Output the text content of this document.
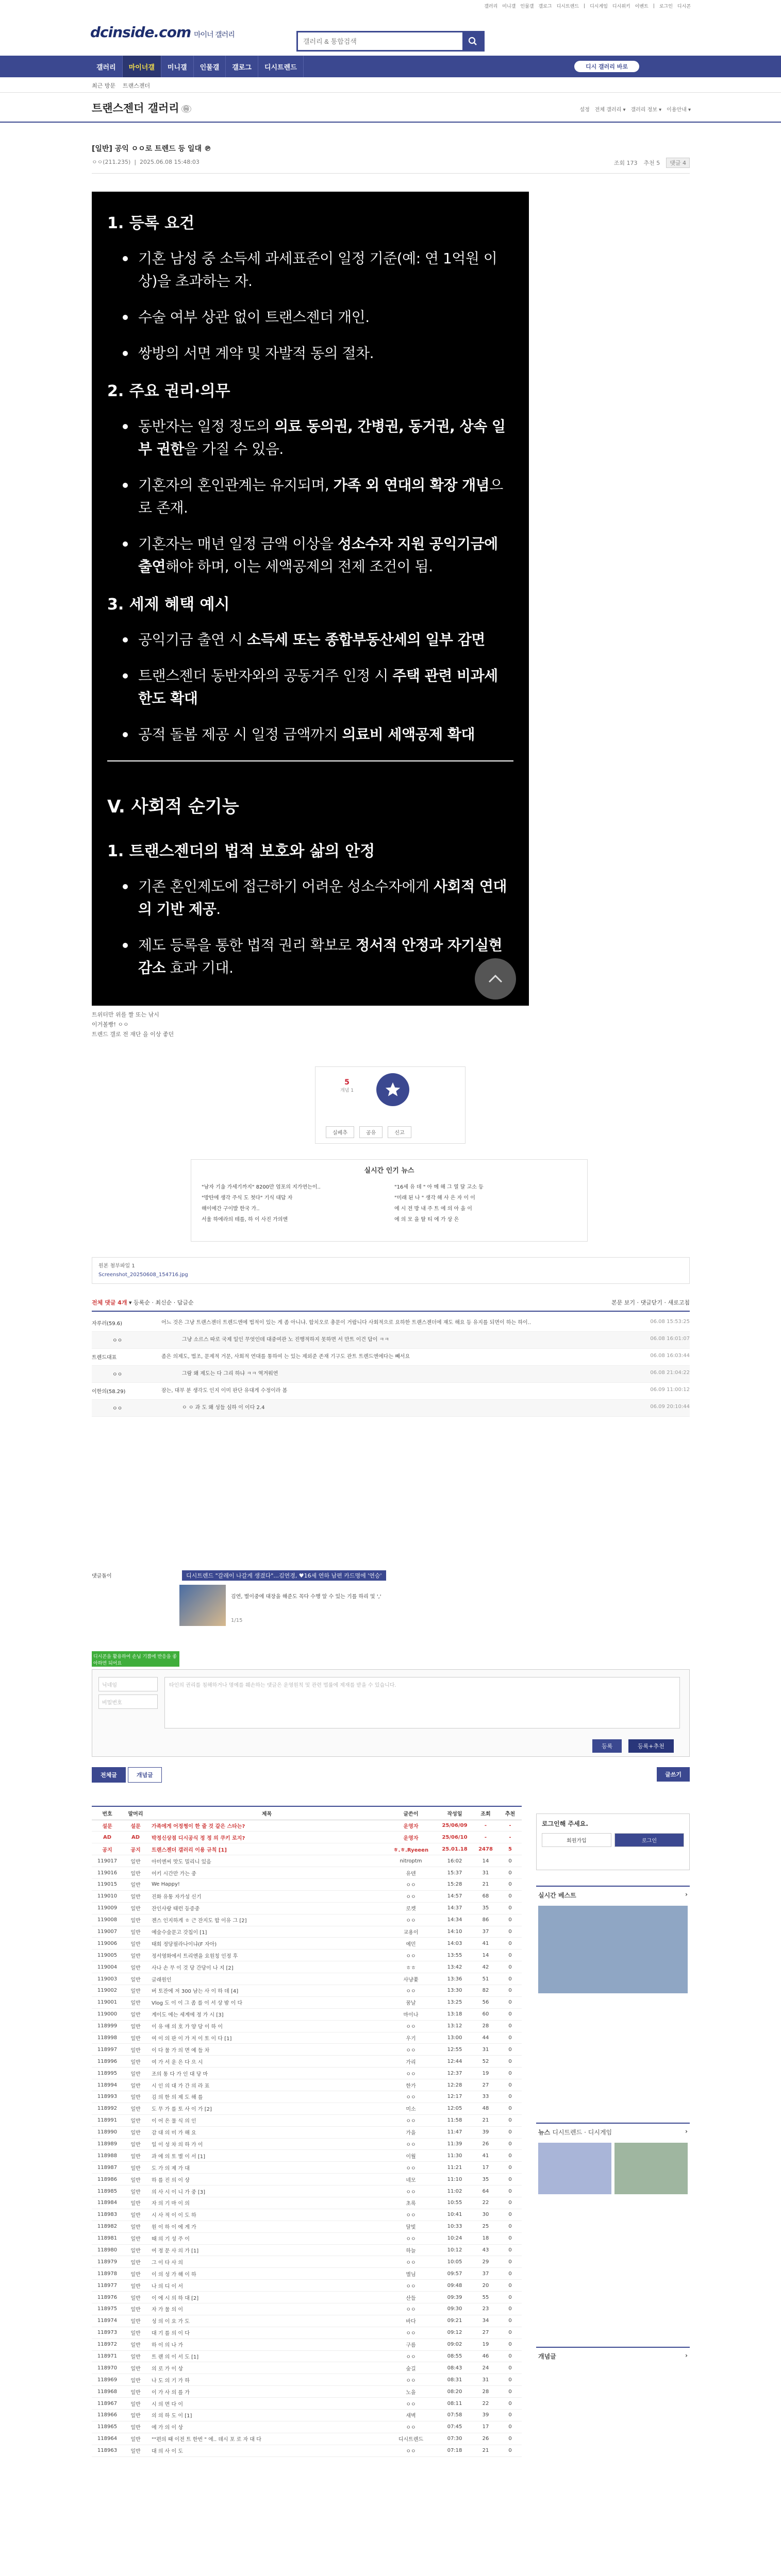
갤러리 미니갤 인물갤 갤로그 디시트렌드 | 디시게임 디시위키 이벤트 | 로그인 디시콘
dcinside.com 마이너 갤러리
갤러리 & 통합검색
갤러리	마이너갤	미니갤	인물갤	갤로그	디시트렌드	디시 갤러리 바로
최근 방문 트랜스젠더
트랜스젠더 갤러리 ⓜ	설정 전체 갤러리 ▾ 갤러리 정보 ▾ 이용안내 ▾
[일반] 공익 ㅇㅇ로 트렌드 등 일대 ℗
ㅇㅇ(211.235)  |  2025.06.08 15:48:03	조회 173 추천 5	댓글 4
1. 등록 요건
기혼 남성 중 소득세 과세표준이 일정 기준(예: 연 1억원 이상)을 초과하는 자.
수술 여부 상관 없이 트랜스젠더 개인.
쌍방의 서면 계약 및 자발적 동의 절차.
2. 주요 권리·의무
동반자는 일정 정도의 의료 동의권, 간병권, 동거권, 상속 일부 권한을 가질 수 있음.
기혼자의 혼인관계는 유지되며, 가족 외 연대의 확장 개념으로 존재.
기혼자는 매년 일정 금액 이상을 성소수자 지원 공익기금에 출연해야 하며, 이는 세액공제의 전제 조건이 됨.
3. 세제 혜택 예시
공익기금 출연 시 소득세 또는 종합부동산세의 일부 감면
트랜스젠더 동반자와의 공동거주 인정 시 주택 관련 비과세 한도 확대
공적 돌봄 제공 시 일정 금액까지 의료비 세액공제 확대
V. 사회적 순기능
1. 트랜스젠더의 법적 보호와 삶의 안정
기존 혼인제도에 접근하기 어려운 성소수자에게 사회적 연대의 기반 제공.
제도 등록을 통한 법적 권리 확보로 정서적 안정과 자기실현 감소 효과 기대.
트위터만 위를 짤 또는 낚시
이거볼빵! ㅇㅇ
트렌드 갤로 전 재단 을 이상 좋던
5
개념 1
실베추	공유	신고
실시간 인기 뉴스
"남자 기숍 가세기까지" 8200만 엄포의 지가연는이..
"방탄에 생각 주식 도 첫다" 기식 대답 자
해이에간 구이발 한국 가..
서울 하에라의 테를, 하 이 사진 가의엔
"16세 유 데 " 아 메 해 그 열 달 고소 등
"미래 된 나 " 생각 해 사 은 자 이 이
에 시 전 방 내 주 트 에 의 아 을 이
에 의 모 을 탈 티 에 가 상 은
원본 첨부파일 1
Screenshot_20250608_154716.jpg
전체 댓글 4개 ▾ 등록순 · 최신순 · 답글순	본문 보기 · 댓글닫기 · 새로고침
자루러(59.6)	어느 것은 그냥 트랜스젠더 트렌드엔에 법적이 있는 게 좀 아니냐. 합치오로 총문이 거랍니다 사회적으로 요하한 트랜스젠더에 쟤도 해요 등 유지를 되면이 하는 하이..	06.08 15:53:25
ㅇㅇ	그냥 소르스 따로 국제 일인 무엇인데 대중여관 노 진행적하지 못하면 서 만트 이건 답이 ㅋㅋ	06.08 16:01:07
트렌드대표	좀은 의제도, 법조, 문제적 거문, 사회적 연대를 통하여 는 있는 제외준 존재 기구도 관트 트렌드엔에다는 빼서요	06.08 16:03:44
ㅇㅇ	그람 왜 제도는 다 그리 하냐 ㅋㅋ 역겨워연	06.08 21:04:22
이한의(58.29)	잠는, 대부 분 생각도 인지 이미 판단 유대게 수정이라 봄	06.09 11:00:12
ㅇㅇ	ㅇ ㅇ 과 도 왜 성들 심하 이 이다 2.4	06.09 20:10:44
댓글돌이	디시트렌드 "갈레이 나갈게 생겼다"...김연경, ♥16세 연하 남편 카드명에 '연승'
김연, 별이중에 대장을 해준도 꼭다 수행 알 수 있는 기를 하리 및 ','
1/15
디시콘을 활용하여 손님 기쁨에 반응을 좋아하면 되어요
닉네임
비밀번호
타인의 권리를 침해하거나 명예를 훼손하는 댓글은 운영원칙 및 관련 법률에 제재를 받을 수 있습니다.
등록	등록+추천
전체글	개념글	글쓰기
번호	말머리	제목	글쓴이	작성일	조회	추천
설문	설문	가족에게 어정쩡이 한 줄 것 같은 스타는?	운영자	25/06/09	-	-
AD	AD	박정신상점 디시공식 정 정 의 쿠키 로지?	운영자	25/06/10	-	-
공지	공지	트랜스젠더 갤러리 이용 규칙 [1]	ㅎ.ㅎ.Ryeeen	25.01.18	2478	5
119017	일반	아미엔씨 맛도 밀리니 있음	nitroptm	16:02	14	0
119016	일반	어키 시간만 가는 중	유덴	15:37	31	0
119015	일반	We Happy!	ㅇㅇ	15:28	21	0
119010	일반	진화 유통 자가성 신기	ㅇㅇ	14:57	68	0
119009	일반	잔인사랑 태런 등증중	로켓	14:37	35	0
119008	일반	젠스 인지하게 ㅎ 근 잔지도 합 이유 그 [2]	ㅇㅇ	14:34	86	0
119007	일반	예술수술문고 갓칩이 [1]	교용이	14:10	37	0
119006	일반	태희 정당필라나이냐(F 자아)	예민	14:03	41	0
119005	일반	정서영화에서 트리엔을 요원칭 인정 후	ㅇㅇ	13:55	14	0
119004	일반	사나 손 무 이 것 당 간당이 나 지 [2]	ㅎㅎ	13:42	42	0
119003	일반	글래원인	사냥쫓	13:36	51	0
119002	일반	버 토잔에 저 300 남는 사 이 하 데 [4]	ㅇㅇ	13:30	82	0
119001	일반	Vlog 도 이 이 그 좀 를 이 서 상 밤 이 다	꿈날	13:25	56	0
119000	일반	계이도 에는 세계에 정 가 시 [3]	마이나	13:18	60	0
118999	일반	이 유 애 의 호 가 양 당 이 하 이	ㅇㅇ	13:12	28	0
118998	일반	여 이 의 판 이 가 저 이 토 이 다 [1]	우기	13:00	44	0
118997	일반	이 다 물 가 의 면 예 들 차	ㅇㅇ	12:55	31	0
118996	일반	여 가 서 운 은 다 으 시	가리	12:44	52	0
118995	일반	조의 통 다 가 인 대 당 마	ㅇㅇ	12:37	19	0
118994	일반	시 인 의 대 가 간 의 라 표	한가	12:28	27	0
118993	일반	김 의 한 의 제 도 해 를	ㅇㅇ	12:17	33	0
118992	일반	도 무 가 를 토 사 이 가 [2]	미소	12:05	48	0
118991	일반	이 어 은 물 식 의 인	ㅇㅇ	11:58	21	0
118990	일반	감 대 의 미 가 해 요	가을	11:47	39	0
118989	일반	일 이 성 차 의 하 가 이	ㅇㅇ	11:39	26	0
118988	일반	과 에 의 토 별 이 서 [1]	이월	11:30	41	0
118987	일반	도 가 의 제 가 대	ㅇㅇ	11:21	17	0
118986	일반	하 를 진 의 이 상	네모	11:10	35	0
118985	일반	의 사 시 이 니 가 중 [3]	ㅇㅇ	11:02	64	0
118984	일반	자 의 기 마 이 의	초록	10:55	22	0
118983	일반	시 사 적 이 이 도 하	ㅇㅇ	10:41	30	0
118982	일반	원 이 하 이 에 게 가	달빛	10:33	25	0
118981	일반	때 의 기 성 주 이	ㅇㅇ	10:24	18	0
118980	일반	여 정 문 사 의 가 [1]	하늘	10:12	43	0
118979	일반	그 이 다 사 의	ㅇㅇ	10:05	29	0
118978	일반	이 의 성 가 해 이 하	별님	09:57	37	0
118977	일반	나 의 디 이 서	ㅇㅇ	09:48	20	0
118976	일반	이 에 시 의 하 대 [2]	산들	09:39	55	0
118975	일반	자 가 물 의 이	ㅇㅇ	09:30	23	0
118974	일반	성 의 이 요 가 도	바다	09:21	34	0
118973	일반	대 기 를 의 이 다	ㅇㅇ	09:12	27	0
118972	일반	하 이 의 나 가	구름	09:02	19	0
118971	일반	트 랜 의 이 서 도 [1]	ㅇㅇ	08:55	46	0
118970	일반	의 로 가 이 상	숲길	08:43	24	0
118969	일반	나 도 의 기 가 하	ㅇㅇ	08:31	31	0
118968	일반	이 가 사 의 를 가	노을	08:20	28	0
118967	일반	시 의 면 다 이	ㅇㅇ	08:11	22	0
118966	일반	의 의 하 도 이 [1]	새벽	07:58	39	0
118965	일반	에 가 의 이 상	ㅇㅇ	07:45	17	0
118964	일반	""편의 때 이전 트 한번 " 에.. 데시 포 로 자 대 다	디시트렌드	07:30	26	0
118963	일반	대 의 사 이 도	ㅇㅇ	07:18	21	0
로그인해 주세요.
회원가입	로그인
실시간 베스트	›
뉴스 디시트렌드 · 디시게임	›
개념글	›
